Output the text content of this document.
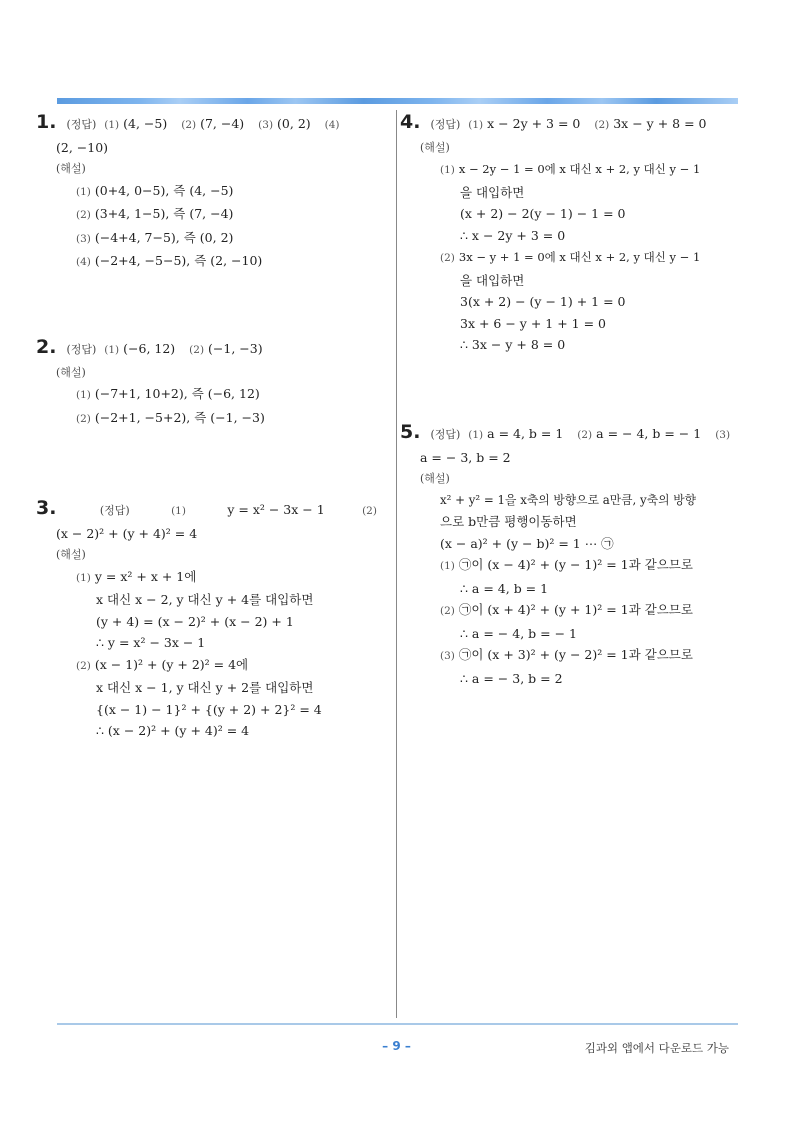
1. (정답) (1) (4, −5) (2) (7, −4) (3) (0, 2) (4)
(2, −10)
(해설)
(1) (0+4, 0−5), 즉 (4, −5)
(2) (3+4, 1−5), 즉 (7, −4)
(3) (−4+4, 7−5), 즉 (0, 2)
(4) (−2+4, −5−5), 즉 (2, −10)
2. (정답) (1) (−6, 12) (2) (−1, −3)
(해설)
(1) (−7+1, 10+2), 즉 (−6, 12)
(2) (−2+1, −5+2), 즉 (−1, −3)
3.	(정답)	(1)	y = x² − 3x − 1	(2)
(x − 2)² + (y + 4)² = 4
(해설)
(1) y = x² + x + 1에
x 대신 x − 2, y 대신 y + 4를 대입하면
(y + 4) = (x − 2)² + (x − 2) + 1
∴ y = x² − 3x − 1
(2) (x − 1)² + (y + 2)² = 4에
x 대신 x − 1, y 대신 y + 2를 대입하면
{(x − 1) − 1}² + {(y + 2) + 2}² = 4
∴ (x − 2)² + (y + 4)² = 4
4. (정답) (1) x − 2y + 3 = 0 (2) 3x − y + 8 = 0
(해설)
(1) x − 2y − 1 = 0에 x 대신 x + 2, y 대신 y − 1
을 대입하면
(x + 2) − 2(y − 1) − 1 = 0
∴ x − 2y + 3 = 0
(2) 3x − y + 1 = 0에 x 대신 x + 2, y 대신 y − 1
을 대입하면
3(x + 2) − (y − 1) + 1 = 0
3x + 6 − y + 1 + 1 = 0
∴ 3x − y + 8 = 0
5. (정답) (1) a = 4, b = 1 (2) a = − 4, b = − 1 (3)
a = − 3, b = 2
(해설)
x² + y² = 1을 x축의 방향으로 a만큼, y축의 방향
으로 b만큼 평행이동하면
(x − a)² + (y − b)² = 1 ⋯ ㉠
(1) ㉠이 (x − 4)² + (y − 1)² = 1과 같으므로
∴ a = 4, b = 1
(2) ㉠이 (x + 4)² + (y + 1)² = 1과 같으므로
∴ a = − 4, b = − 1
(3) ㉠이 (x + 3)² + (y − 2)² = 1과 같으므로
∴ a = − 3, b = 2
– 9 –	김과외 앱에서 다운로드 가능
